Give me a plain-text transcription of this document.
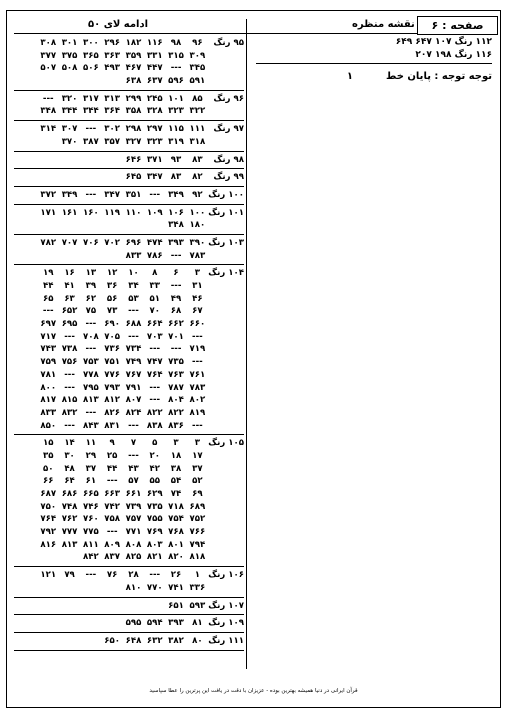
صفحه : ۶
نقشه منظره
ادامه لای ۵۰
۱۱۲ رنگ ۱۰۷ ۶۴۷ ۶۴۹
۱۱۶ رنگ ۱۹۸ ۲۰۷
توجه توجه : پایان خط  ۱
۹۵ رنگ
۹۶
۹۸
۱۱۶
۱۸۲
۲۹۶
۳۰۰
۳۰۱
۳۰۸
۳۰۹
۳۱۵
۳۳۱
۳۵۹
۳۶۳
۳۶۵
۳۷۵
۳۷۷
۳۴۵
---
۴۴۷
۴۶۷
۴۹۳
۵۰۶
۵۰۸
۵۰۷
۵۹۱
۵۹۶
۶۳۷
۶۳۸
۹۶ رنگ
۸۵
۱۰۱
۲۴۵
۲۹۹
۳۱۳
۳۱۷
۳۲۰
---
۳۲۲
۳۲۳
۳۲۸
۳۵۸
۳۶۴
۳۴۴
۳۴۴
۳۴۸
۹۷ رنگ
۱۱۱
۱۱۵
۲۹۷
۲۹۸
۳۰۲
---
۳۰۷
۳۱۴
۳۱۸
۳۱۹
۳۲۳
۳۲۷
۳۵۷
۳۸۷
۳۷۰
۹۸ رنگ
۸۳
۹۳
۳۷۱
۶۴۶
۹۹ رنگ
۸۲
۸۳
۳۴۷
۶۴۵
۱۰۰ رنگ
۹۲
۳۴۹
---
۳۵۱
۳۴۷
---
۳۴۹
۳۷۲
۱۰۱ رنگ
۱۰۰
۱۰۶
۱۰۹
۱۱۰
۱۱۹
۱۶۰
۱۶۱
۱۷۱
۱۸۰
۳۴۸
۱۰۳ رنگ
۳۹۰
۳۹۳
۴۷۴
۶۹۶
۷۰۲
۷۰۶
۷۰۷
۷۸۲
۷۸۳
---
۷۸۶
۸۳۳
۱۰۴ رنگ
۳
۶
۸
۱۰
۱۲
۱۳
۱۶
۱۹
۳۱
---
۳۳
۳۴
۳۶
۳۹
۴۱
۴۴
۴۶
۴۹
۵۱
۵۳
۵۶
۶۲
۶۳
۶۵
۶۷
۶۸
۷۰
---
۷۳
۷۵
۶۵۲
---
۶۶۰
۶۶۲
۶۶۴
۶۸۸
۶۹۰
---
۶۹۵
۶۹۷
---
۷۰۱
۷۰۳
---
۷۰۵
۷۰۸
---
۷۱۷
۷۱۹
---
---
۷۳۴
۷۳۶
---
۷۳۸
۷۴۳
---
۷۳۵
۷۴۷
۷۴۹
۷۵۱
۷۵۳
۷۵۶
۷۵۹
۷۶۱
۷۶۳
۷۶۴
۷۶۷
۷۷۶
۷۷۸
---
۷۸۱
۷۸۳
۷۸۷
---
۷۹۱
۷۹۳
۷۹۵
---
۸۰۰
۸۰۲
۸۰۴
---
۸۰۷
۸۱۲
۸۱۳
۸۱۵
۸۱۷
۸۱۹
۸۲۲
۸۲۲
۸۲۴
۸۲۶
---
۸۳۲
۸۳۳
---
۸۳۶
۸۳۸
---
۸۳۱
۸۴۳
---
۸۵۰
۱۰۵ رنگ
۳
۳
۵
۷
۹
۱۱
۱۴
۱۵
۱۷
۱۸
۲۰
---
۲۵
۲۹
۳۰
۳۵
۳۷
۳۸
۴۲
۴۳
۴۴
۳۷
۴۸
۵۰
۵۲
۵۴
۵۵
۵۷
---
۶۱
۶۴
۶۶
۶۹
۷۴
۶۲۹
۶۶۱
۶۶۳
۶۶۵
۶۸۶
۶۸۷
۶۸۹
۷۱۸
۷۳۵
۷۳۹
۷۴۲
۷۴۶
۷۴۸
۷۵۰
۷۵۲
۷۵۴
۷۵۵
۷۵۷
۷۵۸
۷۶۰
۷۶۲
۷۶۴
۷۶۶
۷۶۸
۷۶۹
۷۷۱
---
۷۷۵
۷۷۷
۷۹۲
۷۹۴
۸۰۱
۸۰۳
۸۰۸
۸۰۹
۸۱۱
۸۱۳
۸۱۶
۸۱۸
۸۲۰
۸۲۱
۸۲۵
۸۳۷
۸۴۲
۱۰۶ رنگ
۱
۲۶
---
۲۸
۷۶
---
۷۹
۱۲۱
۳۳۶
۷۴۱
۷۷۰
۸۱۰
۱۰۷ رنگ
۵۹۳
۶۵۱
۱۰۹ رنگ
۸۱
۳۹۳
۵۹۴
۵۹۵
۱۱۱ رنگ
۸۰
۳۸۲
۶۳۲
۶۴۸
۶۵۰
قرآن ایرانی در دنیا همیشه بهترین بوده - عزیزان با دقت در یافت این پرترین را عطا سپاسید
